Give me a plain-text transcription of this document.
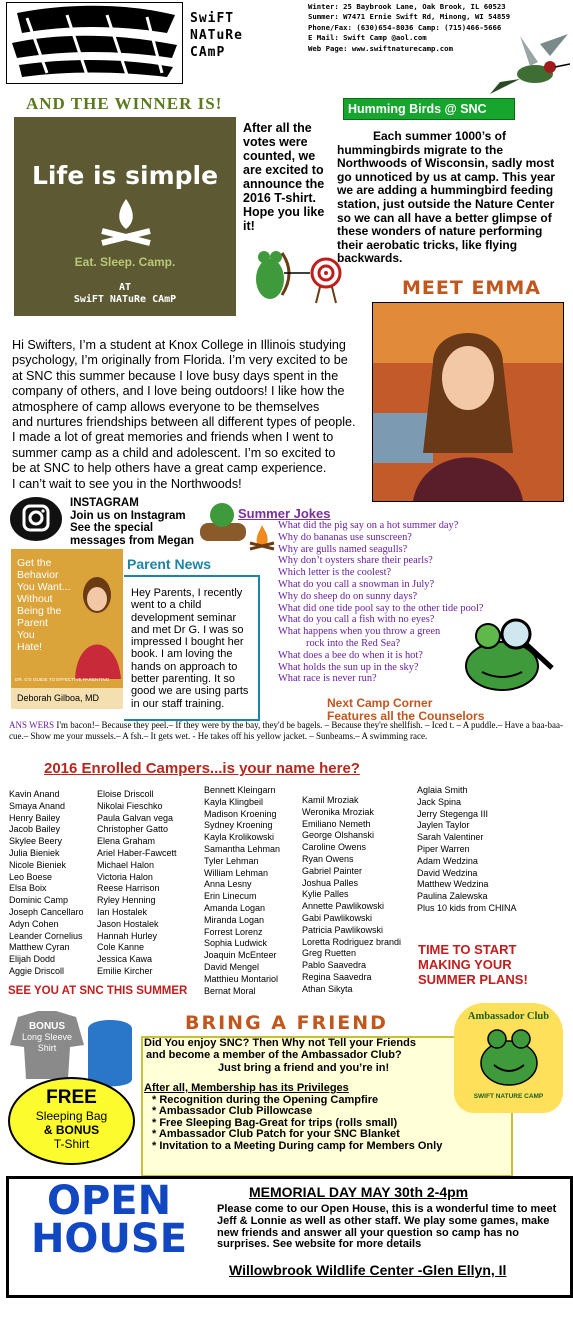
SwiFT
NATuRe
CAmP
Winter: 25 Baybrook Lane, Oak Brook, IL 60523
Summer: W7471 Ernie Swift Rd, Minong, WI 54859
Phone/Fax: (630)654-8036 Camp: (715)466-5666
E Mail: Swift Camp @aol.com
Web Page: www.swiftnaturecamp.com
AND THE WINNER IS!
Life is simple
Eat. Sleep. Camp.
AT
SwiFT NATuRe CAmP
After all the votes were counted, we are excited to announce the 2016 T-shirt. Hope you like it!
Humming Birds @ SNC
Each summer 1000’s of hummingbirds migrate to the Northwoods of Wisconsin, sadly most go unnoticed by us at camp. This year we are adding a hummingbird feeding station, just outside the Nature Center so we can all have a better glimpse of these wonders of nature performing their aerobatic tricks, like flying backwards.
MEET EMMA
Hi Swifters, I’m a student at Knox College in Illinois studying
psychology, I’m originally from Florida. I’m very excited to be
at SNC this summer because I love busy days spent in the
company of others, and I love being outdoors! I like how the
atmosphere of camp allows everyone to be themselves
and nurtures friendships between all different types of people.
I made a lot of great memories and friends when I went to
summer camp as a child and adolescent. I’m so excited to
be at SNC to help others have a great camp experience.
I can’t wait to see you in the Northwoods!
INSTAGRAM
Join us on Instagram
See the special
messages from Megan
Summer Jokes
What did the pig say on a hot summer day?
Why do bananas use sunscreen?
Why are gulls named seagulls?
Why don’t oysters share their pearls?
Which letter is the coolest?
What do you call a snowman in July?
Why do sheep do on sunny days?
What did one tide pool say to the other tide pool?
What do you call a fish with no eyes?
What happens when you throw a green
rock into the Red Sea?
What does a bee do when it is hot?
What holds the sun up in the sky?
What race is never run?
Get the
Behavior
You Want...
Without
Being the
Parent
You
Hate!
DR. G'S GUIDE TO EFFECTIVE PARENTING
Deborah Gilboa, MD
Parent News
Hey Parents, I recently went to a child development seminar and met Dr G. I was so impressed I bought her book. I am loving the hands on approach to better parenting. It so good we are using parts in our staff training.	Next Camp Corner
Features all the Counselors
ANS WERS I'm bacon!– Because they peel.– If they were by the bay, they'd be bagels. – Because they're shellfish. – Iced t. – A puddle.– Have a baa-baa-cue.– Show me your mussels.– A fsh.– It gets wet. - He takes off his yellow jacket. – Sunbeams.– A swimming race.
2016 Enrolled Campers...is your name here?
Kavin Anand
Smaya Anand
Henry Bailey
Jacob Bailey
Skylee Beery
Julia Bieniek
Nicole Bieniek
Leo Boese
Elsa Boix
Dominic Camp
Joseph Cancellaro
Adyn Cohen
Leander Cornelius
Matthew Cyran
Elijah Dodd
Aggie Driscoll
Eloise Driscoll
Nikolai Fieschko
Paula Galvan vega
Christopher Gatto
Elena Graham
Ariel Haber-Fawcett
Michael Halon
Victoria Halon
Reese Harrison
Ryley Henning
Ian Hostalek
Jason Hostalek
Hannah Hurley
Cole Kanne
Jessica Kawa
Emilie Kircher
Bennett Kleingarn
Kayla Klingbeil
Madison Kroening
Sydney Kroening
Kayla Krolikowski
Samantha Lehman
Tyler Lehman
William Lehman
Anna Lesny
Erin Linecum
Amanda Logan
Miranda Logan
Forrest Lorenz
Sophia Ludwick
Joaquin McEnteer
David Mengel
Matthieu Montariol
Bernat Moral
Kamil Mroziak
Weronika Mroziak
Emiliano Nemeth
George Olshanski
Caroline Owens
Ryan Owens
Gabriel Painter
Joshua Palles
Kylie Palles
Annette Pawlikowski
Gabi Pawlikowski
Patricia Pawlikowski
Loretta Rodriguez brandi
Greg Ruetten
Pablo Saavedra
Regina Saavedra
Athan Sikyta
Aglaia Smith
Jack Spina
Jerry Stegenga III
Jaylen Taylor
Sarah Valentiner
Piper Warren
Adam Wedzina
David Wedzina
Matthew Wedzina
Paulina Zalewska
Plus 10 kids from CHINA
SEE YOU AT SNC THIS SUMMER
TIME TO START
MAKING YOUR
SUMMER PLANS!
BONUS
Long Sleeve
Shirt
FREE
Sleeping Bag
& BONUS
T-Shirt
BRING A FRIEND
Did You enjoy SNC? Then Why not Tell your Friends
and become a member of the Ambassador Club?
Just bring a friend and you’re in!
After all, Membership has its Privileges
* Recognition during the Opening Campfire
* Ambassador Club Pillowcase
* Free Sleeping Bag-Great for trips (rolls small)
* Ambassador Club Patch for your SNC Blanket
* Invitation to a Meeting During camp for Members Only
Ambassador Club
SWIFT NATURE CAMP
OPEN
HOUSE
MEMORIAL DAY MAY 30th 2-4pm
Please come to our Open House, this is a wonderful time to meet Jeff & Lonnie as well as other staff. We play some games, make new friends and answer all your question so camp has no surprises. See website for more details
Willowbrook Wildlife Center -Glen Ellyn, Il
